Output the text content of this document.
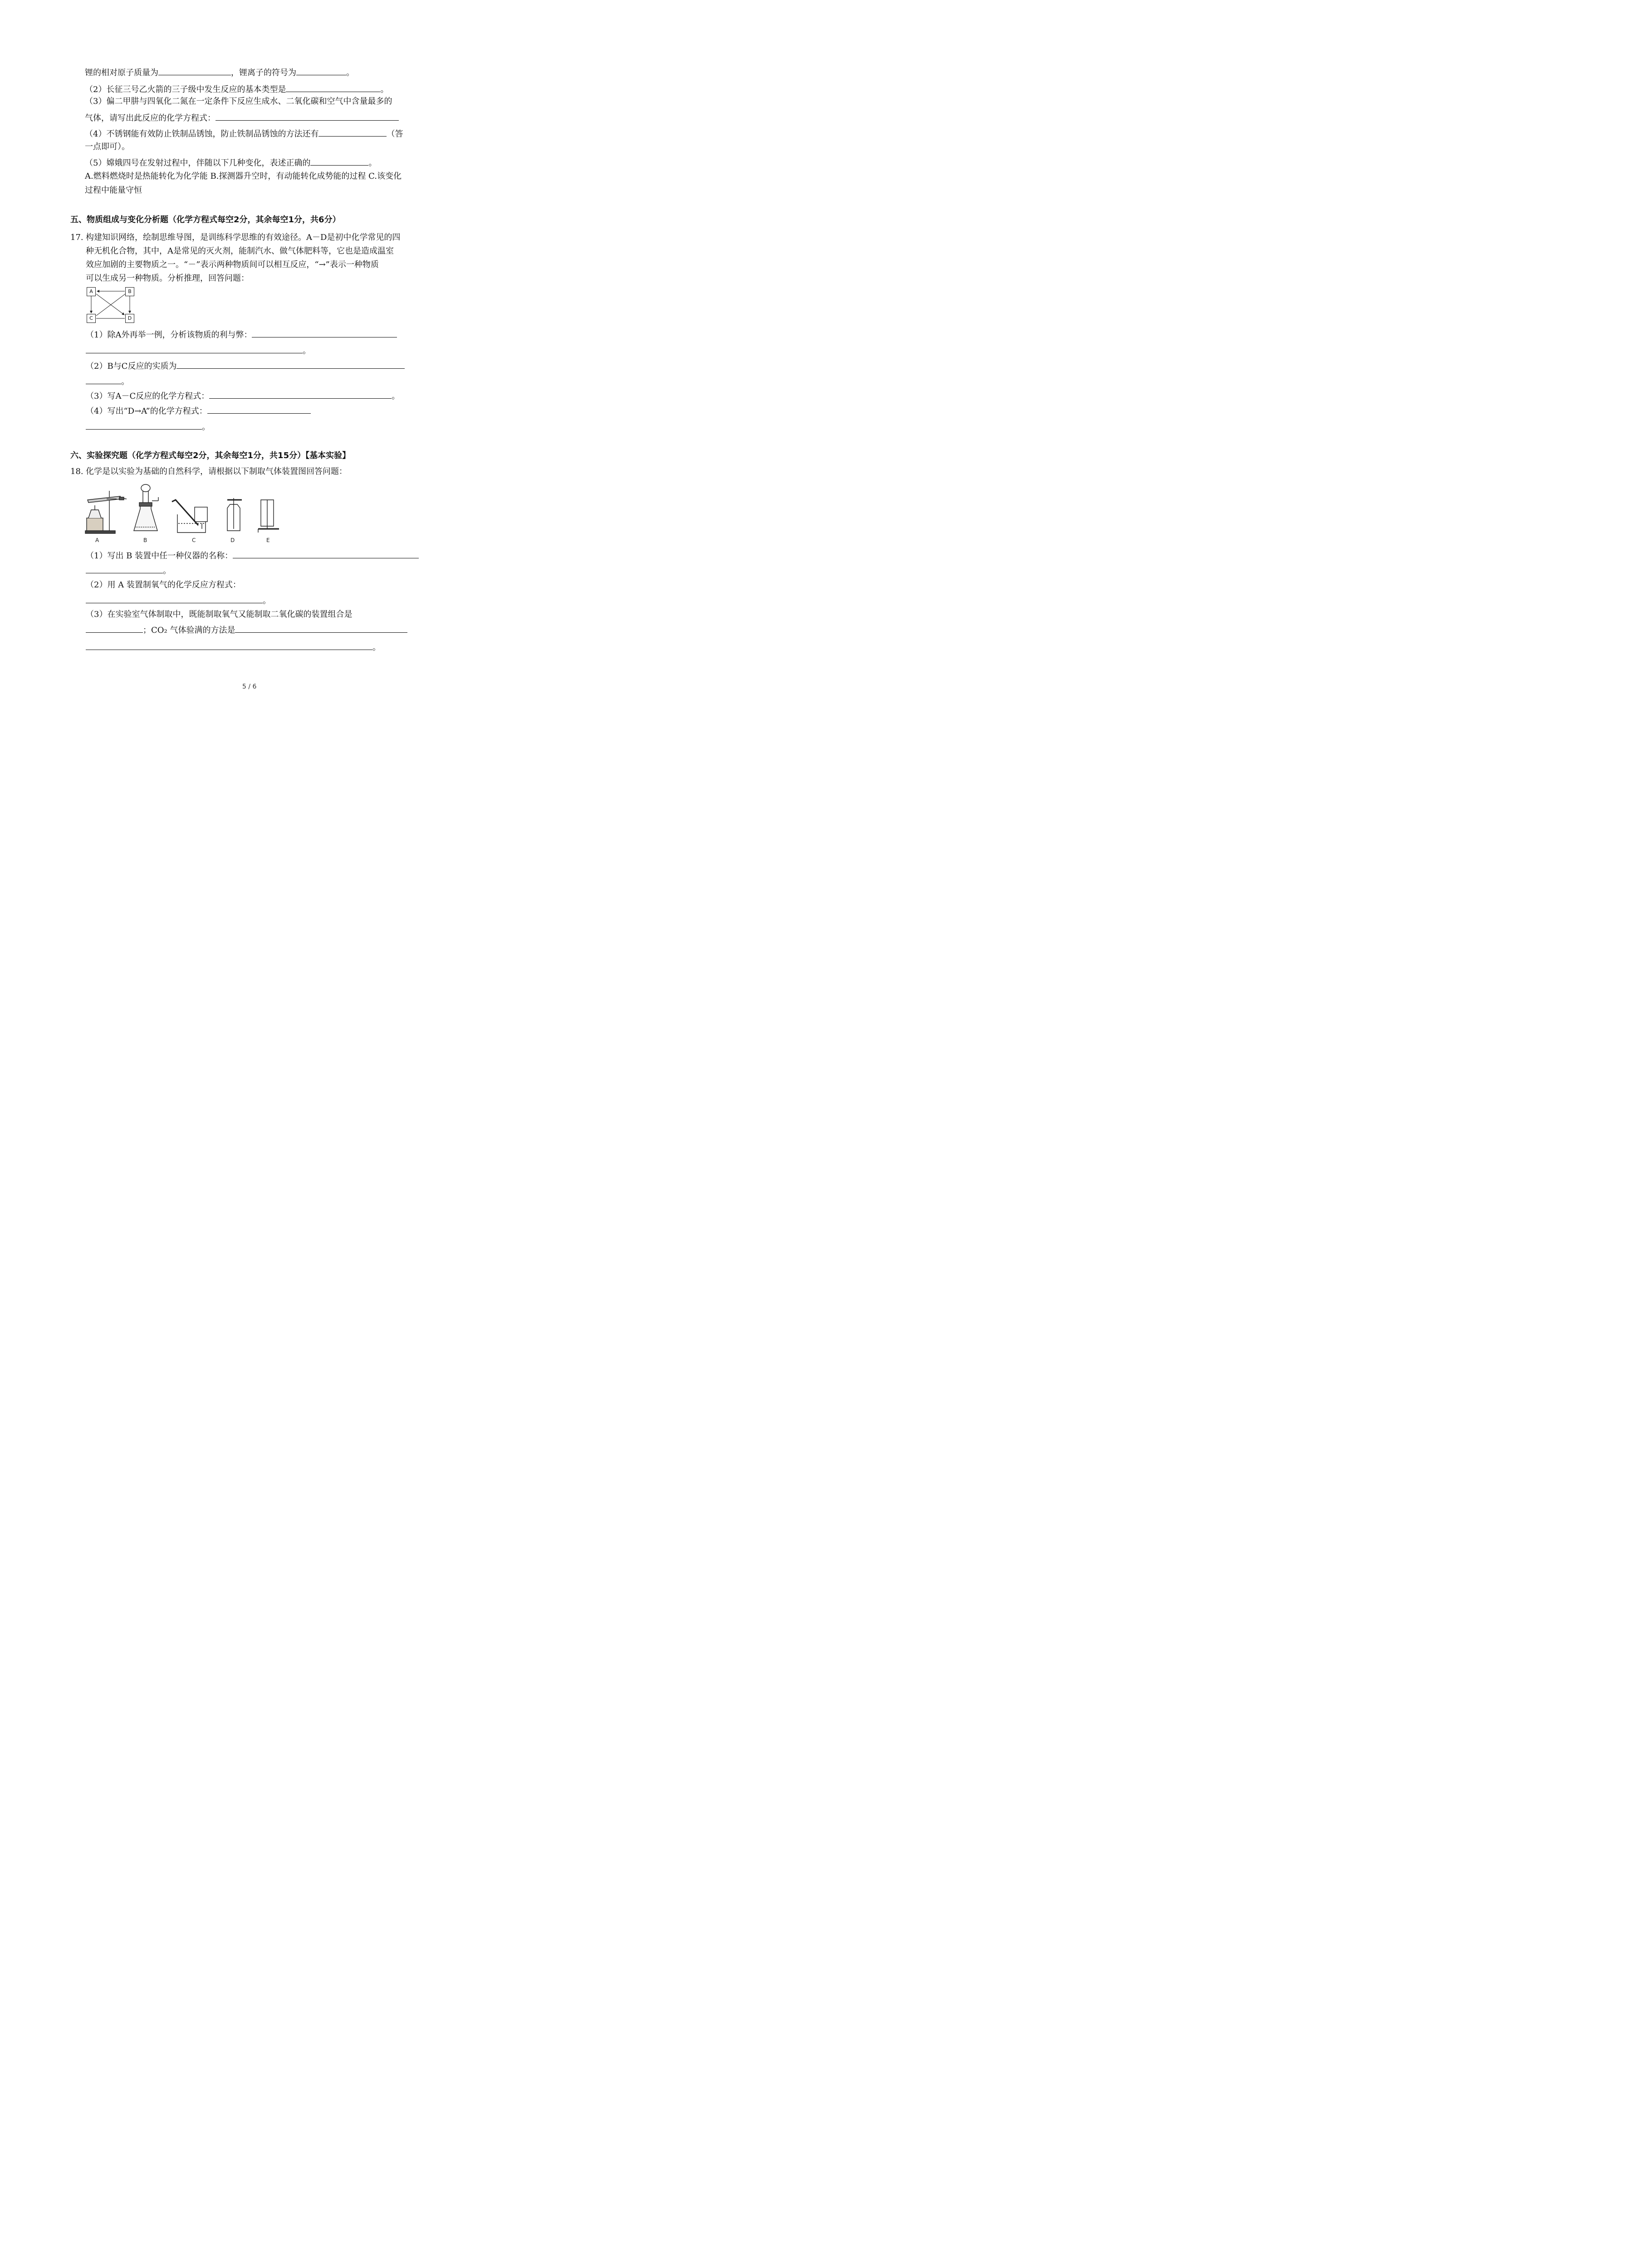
锂的相对原子质量为	，锂离子的符号为	。
（2）长征三号乙火箭的三子级中发生反应的基本类型是	。
（3）偏二甲肼与四氧化二氮在一定条件下反应生成水、二氧化碳和空气中含量最多的
气体，请写出此反应的化学方程式：
（4）不锈钢能有效防止铁制品锈蚀，防止铁制品锈蚀的方法还有	（答
一点即可）。
（5）嫦娥四号在发射过程中，伴随以下几种变化，表述正确的	。
A.燃料燃烧时是热能转化为化学能 B.探测器升空时，有动能转化成势能的过程 C.该变化
过程中能量守恒
五、物质组成与变化分析题（化学方程式每空2分，其余每空1分，共6分）
17. 构建知识网络，绘制思维导图，是训练科学思维的有效途径。A－D是初中化学常见的四
种无机化合物，其中，A是常见的灭火剂，能制汽水、做气体肥料等，它也是造成温室
效应加剧的主要物质之一。“－”表示两种物质间可以相互反应，“→”表示一种物质
可以生成另一种物质。分析推理，回答问题：
A	B
C	D
（1）除A外再举一例，分析该物质的利与弊：
。
（2）B与C反应的实质为
。
（3）写A－C反应的化学方程式：	。
（4）写出“D→A”的化学方程式：
。
六、实验探究题（化学方程式每空2分，其余每空1分，共15分）【基本实验】
18. 化学是以实验为基础的自然科学，请根据以下制取气体装置图回答问题：
A	B	C	D	E
（1）写出 B 装置中任一种仪器的名称：
。
（2）用 A 装置制氧气的化学反应方程式：
。
（3）在实验室气体制取中，既能制取氧气又能制取二氧化碳的装置组合是
；CO₂ 气体验满的方法是
。
5 / 6
